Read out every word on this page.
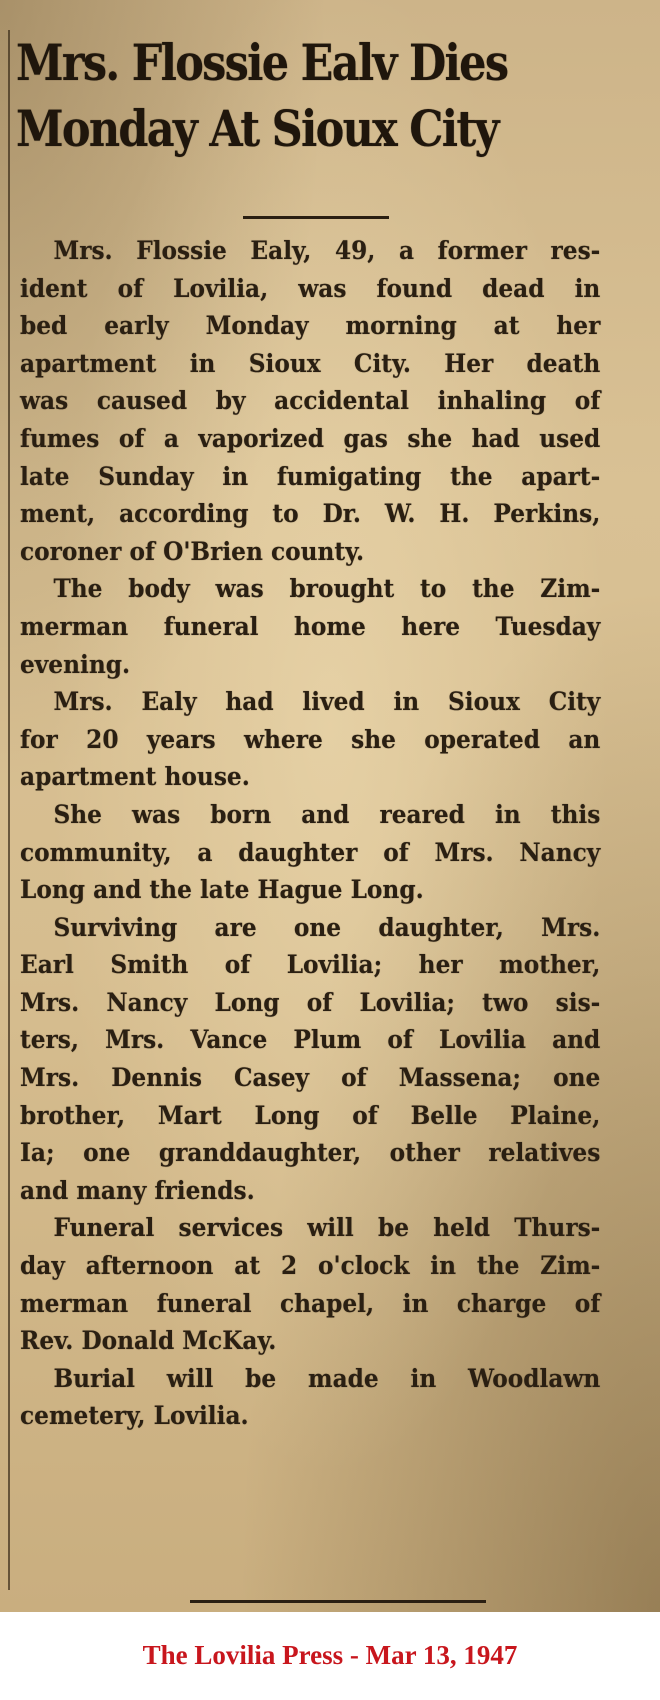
Mrs. Flossie Ealv Dies
Monday At Sioux City

Mrs. Flossie Ealy, 49, a former res-
ident of Lovilia, was found dead in
bed early Monday morning at her
apartment in Sioux City. Her death
was caused by accidental inhaling of
fumes of a vaporized gas she had used
late Sunday in fumigating the apart-
ment, according to Dr. W. H. Perkins,
coroner of O'Brien county.

The body was brought to the Zim-
merman funeral home here Tuesday
evening.

Mrs. Ealy had lived in Sioux City
for 20 years where she operated an
apartment house.

She was born and reared in this
community, a daughter of Mrs. Nancy
Long and the late Hague Long.

Surviving are one daughter, Mrs.
Earl Smith of Lovilia; her mother,
Mrs. Nancy Long of Lovilia; two sis-
ters, Mrs. Vance Plum of Lovilia and
Mrs. Dennis Casey of Massena; one
brother, Mart Long of Belle Plaine,
Ia; one granddaughter, other relatives
and many friends.

Funeral services will be held Thurs-
day afternoon at 2 o'clock in the Zim-
merman funeral chapel, in charge of
Rev. Donald McKay.

Burial will be made in Woodlawn
cemetery, Lovilia.

The Lovilia Press - Mar 13, 1947
